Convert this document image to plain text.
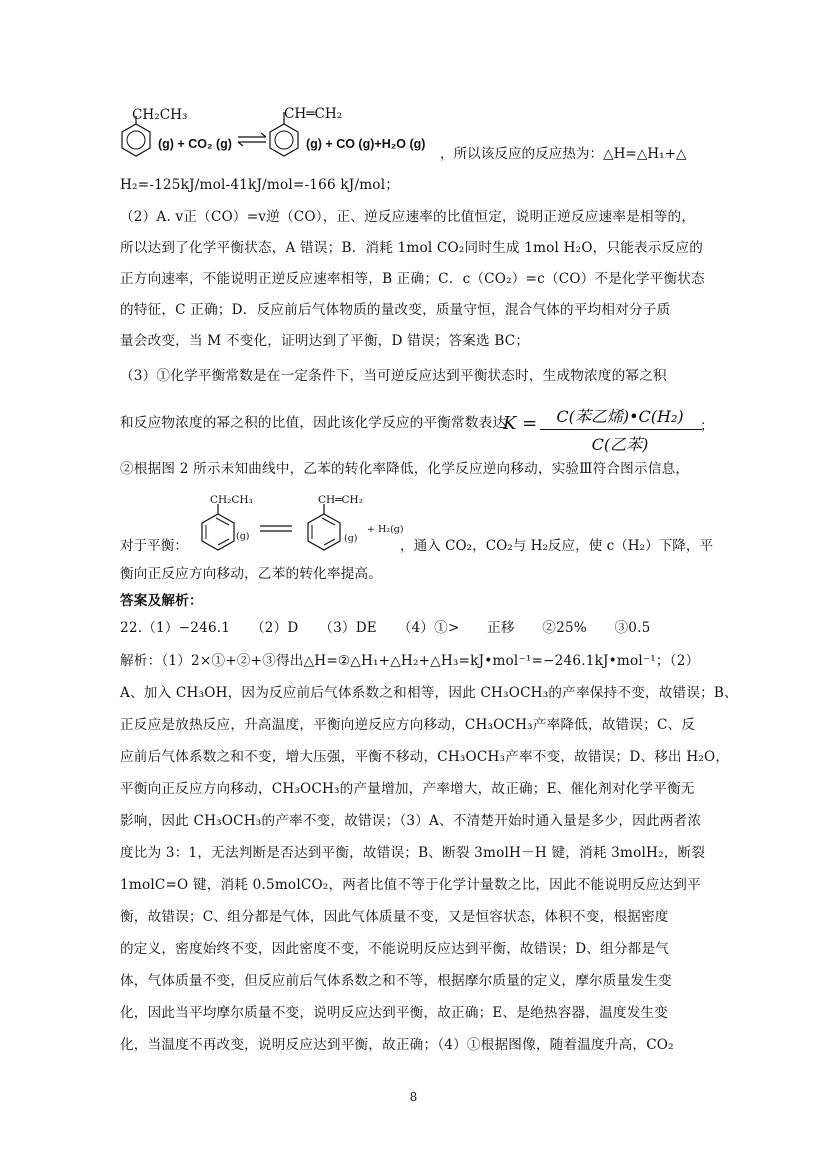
CH₂CH₃
(g) + CO₂ (g)
CH═CH₂
(g) + CO (g)+H₂O (g)
，所以该反应的反应热为：△H=△H₁+△
H₂=-125kJ/mol-41kJ/mol=-166 kJ/mol；
（2）A. v正（CO）=v逆（CO），正、逆反应速率的比值恒定，说明正逆反应速率是相等的，
所以达到了化学平衡状态，A 错误；B．消耗 1mol CO₂同时生成 1mol H₂O，只能表示反应的
正方向速率，不能说明正逆反应速率相等，B 正确；C．c（CO₂）=c（CO）不是化学平衡状态
的特征，C 正确；D．反应前后气体物质的量改变，质量守恒，混合气体的平均相对分子质
量会改变，当 M 不变化，证明达到了平衡，D 错误；答案选 BC；
（3）①化学平衡常数是在一定条件下，当可逆反应达到平衡状态时，生成物浓度的幂之积
和反应物浓度的幂之积的比值，因此该化学反应的平衡常数表达
K =	C(苯乙烯)•C(H₂)
C(乙苯)
；
②根据图 2 所示未知曲线中，乙苯的转化率降低，化学反应逆向移动，实验Ⅲ符合图示信息，
CH₂CH₃
(g)
CH═CH₂
(g)
+ H₂(g)
对于平衡：	，通入 CO₂，CO₂与 H₂反应，使 c（H₂）下降，平
衡向正反应方向移动，乙苯的转化率提高。
答案及解析：
22.（1）−246.1　　（2）D　　（3）DE　　（4）①>　　正移　　②25%　　③0.5
解析：（1）2×①+②+③得出△H=②△H₁+△H₂+△H₃=kJ•mol⁻¹=−246.1kJ•mol⁻¹；（2）
A、加入 CH₃OH，因为反应前后气体系数之和相等，因此 CH₃OCH₃的产率保持不变，故错误；B、
正反应是放热反应，升高温度，平衡向逆反应方向移动，CH₃OCH₃产率降低，故错误；C、反
应前后气体系数之和不变，增大压强，平衡不移动，CH₃OCH₃产率不变，故错误；D、移出 H₂O，
平衡向正反应方向移动，CH₃OCH₃的产量增加，产率增大，故正确；E、催化剂对化学平衡无
影响，因此 CH₃OCH₃的产率不变，故错误；（3）A、不清楚开始时通入量是多少，因此两者浓
度比为 3：1，无法判断是否达到平衡，故错误；B、断裂 3molH－H 键，消耗 3molH₂，断裂
1molC=O 键，消耗 0.5molCO₂，两者比值不等于化学计量数之比，因此不能说明反应达到平
衡，故错误；C、组分都是气体，因此气体质量不变，又是恒容状态，体积不变，根据密度
的定义，密度始终不变，因此密度不变，不能说明反应达到平衡，故错误；D、组分都是气
体，气体质量不变，但反应前后气体系数之和不等，根据摩尔质量的定义，摩尔质量发生变
化，因此当平均摩尔质量不变，说明反应达到平衡，故正确；E、是绝热容器，温度发生变
化，当温度不再改变，说明反应达到平衡，故正确；（4）①根据图像，随着温度升高，CO₂
8
